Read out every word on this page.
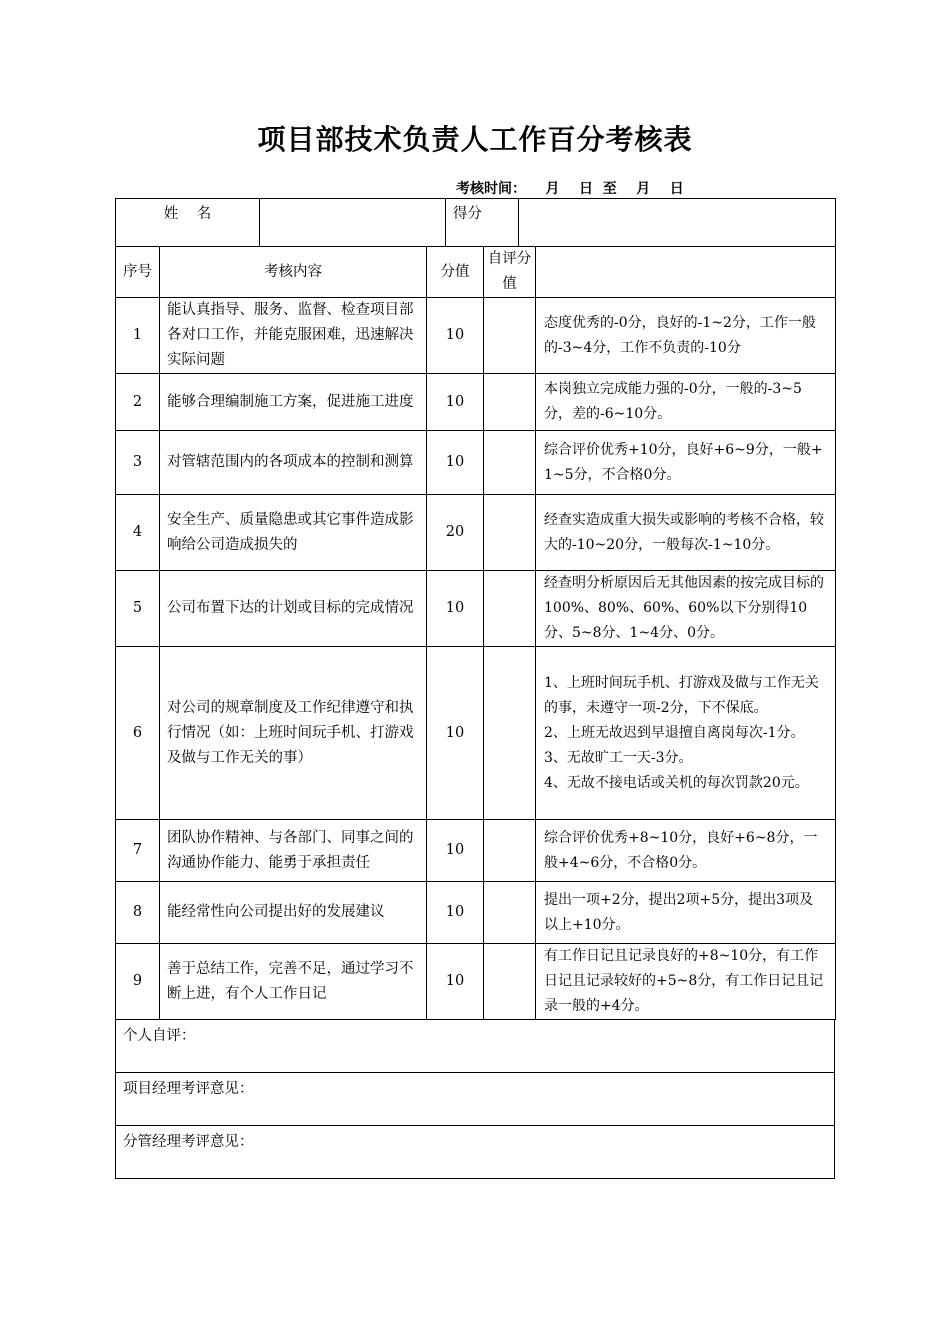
项目部技术负责人工作百分考核表
考核时间：    月    日  至    月    日
姓    名		得分	
序号	考核内容	分值	自评分值	
1	能认真指导、服务、监督、检查项目部各对口工作，并能克服困难，迅速解决实际问题	10		态度优秀的-0分，良好的-1~2分，工作一般的-3~4分，工作不负责的-10分

2	能够合理编制施工方案，促进施工进度	10		本岗独立完成能力强的-0分，一般的-3~5分，差的-6~10分。

3	对管辖范围内的各项成本的控制和测算	10		综合评价优秀+10分，良好+6~9分，一般+1~5分，不合格0分。

4	安全生产、质量隐患或其它事件造成影响给公司造成损失的	20		经查实造成重大损失或影响的考核不合格，较大的-10~20分，一般每次-1~10分。

5	公司布置下达的计划或目标的完成情况	10		经查明分析原因后无其他因素的按完成目标的100%、80%、60%、60%以下分别得10分、5~8分、1~4分、0分。

6	对公司的规章制度及工作纪律遵守和执行情况（如：上班时间玩手机、打游戏及做与工作无关的事）	10		1、上班时间玩手机、打游戏及做与工作无关的事，未遵守一项-2分，下不保底。

2、上班无故迟到早退擅自离岗每次-1分。

3、无故旷工一天-3分。

4、无故不接电话或关机的每次罚款20元。

7	团队协作精神、与各部门、同事之间的沟通协作能力、能勇于承担责任	10		综合评价优秀+8~10分，良好+6~8分，一般+4~6分，不合格0分。

8	能经常性向公司提出好的发展建议	10		提出一项+2分，提出2项+5分，提出3项及以上+10分。

9	善于总结工作，完善不足，通过学习不断上进，有个人工作日记	10		有工作日记且记录良好的+8~10分，有工作日记且记录较好的+5~8分，有工作日记且记录一般的+4分。

个人自评：
项目经理考评意见：
分管经理考评意见：
